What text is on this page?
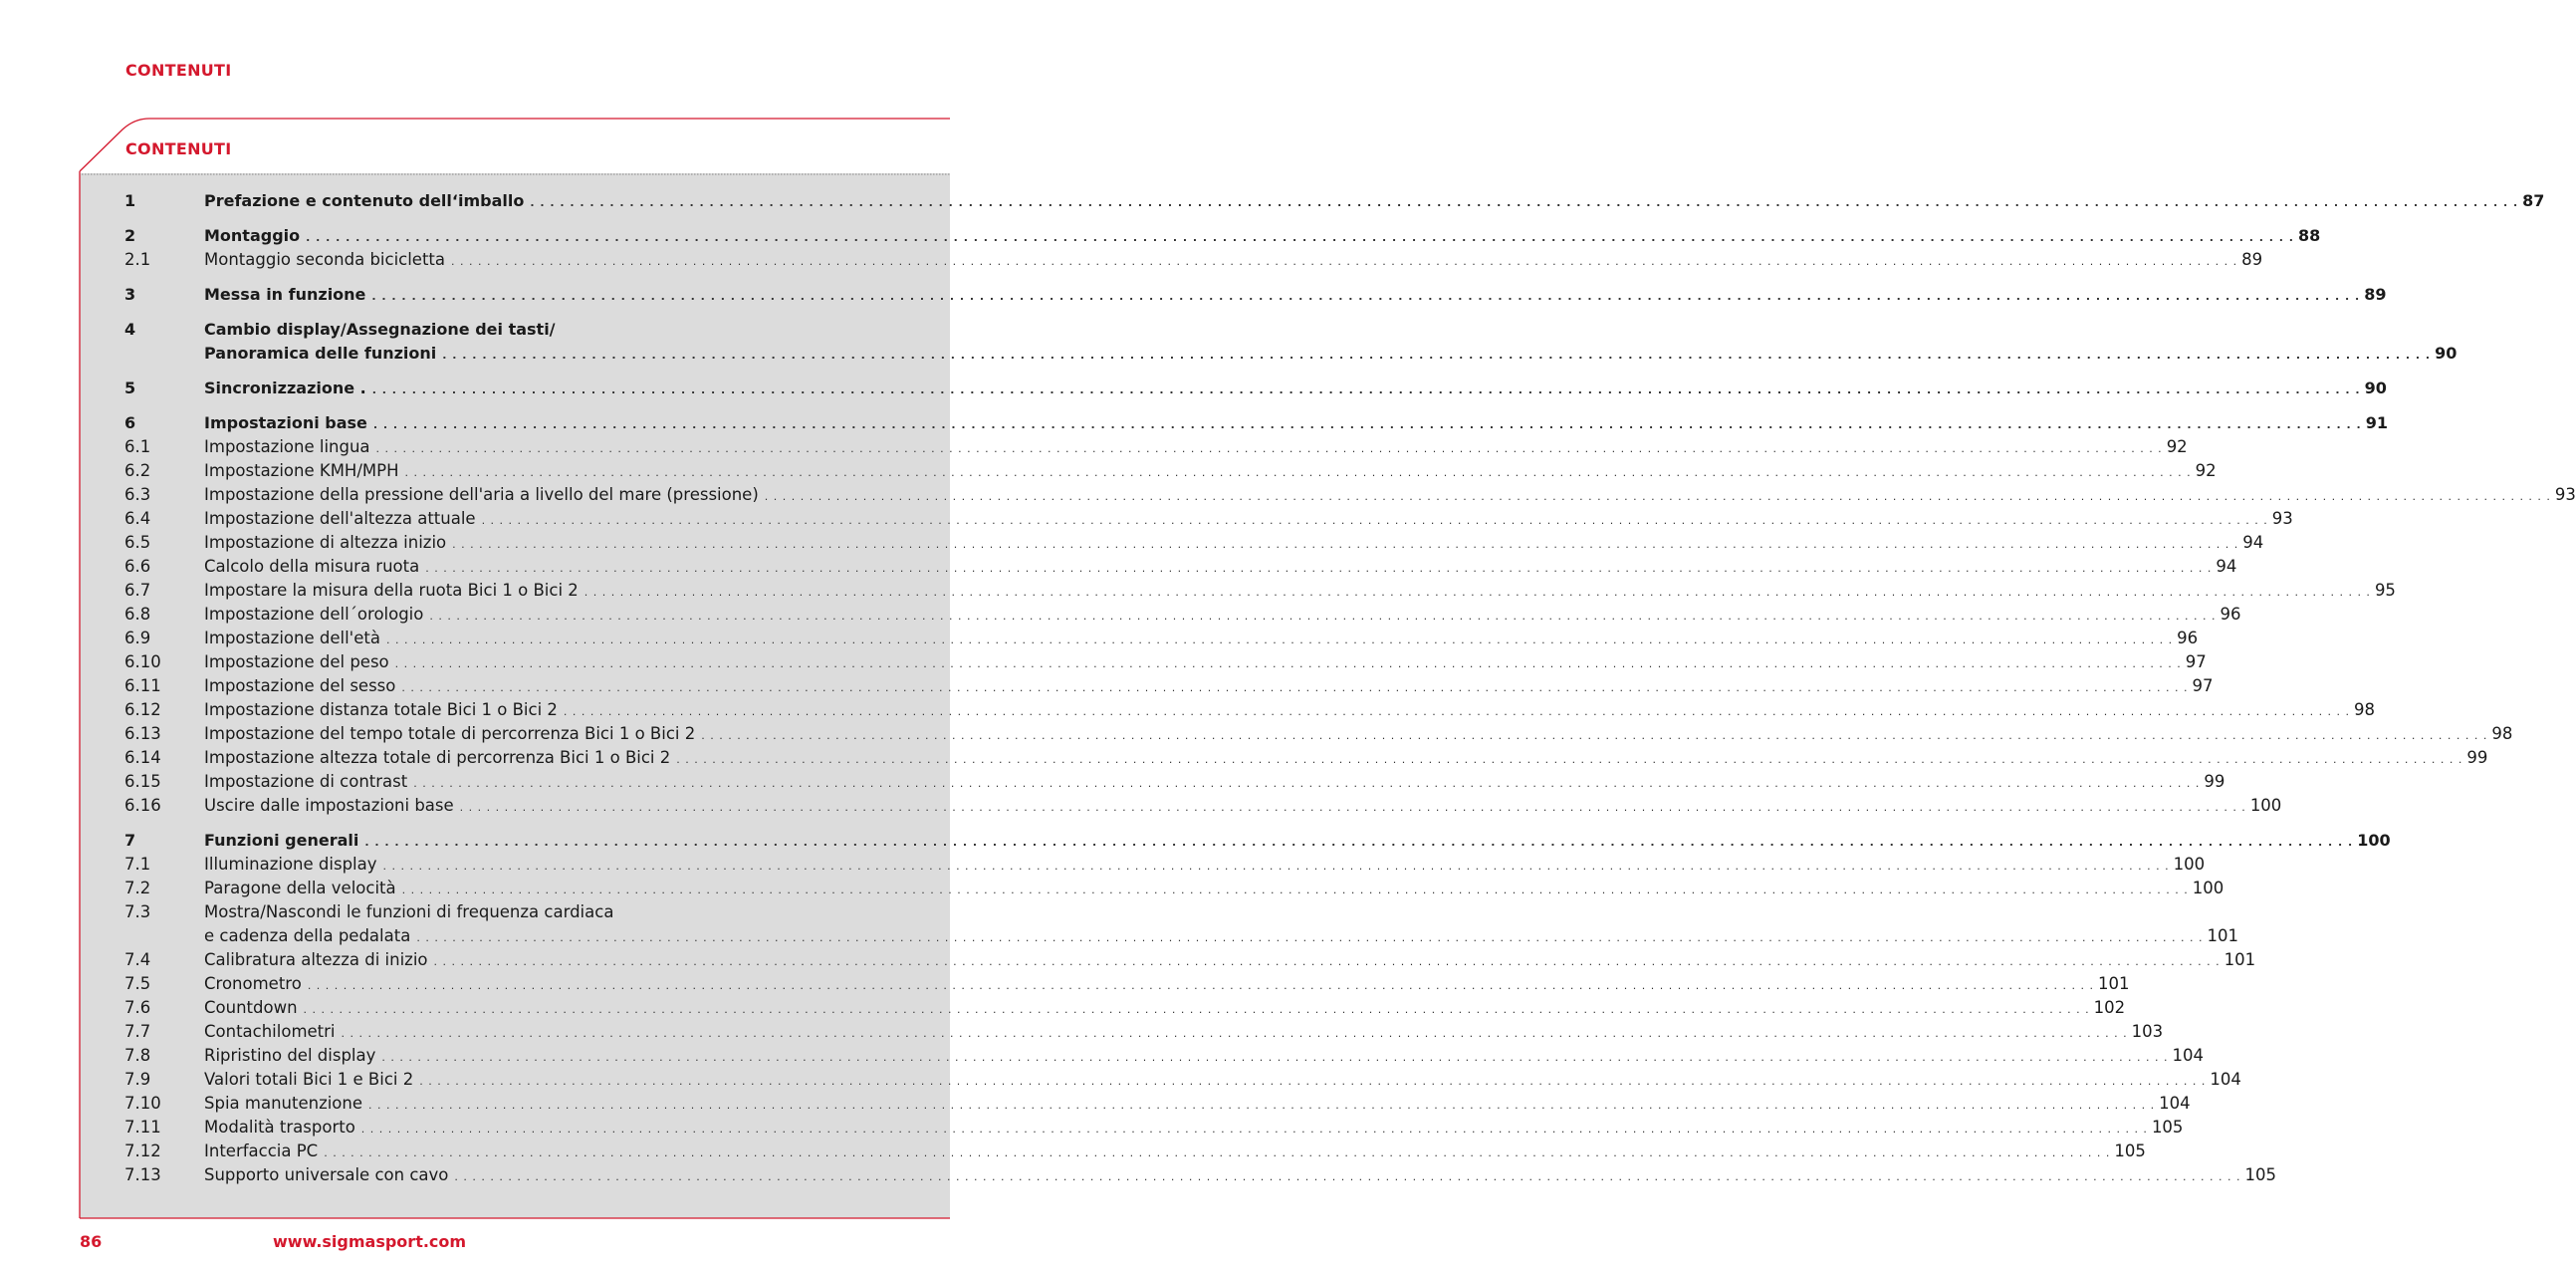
CONTENUTI
CONTENUTI
1	Prefazione e contenuto dell‘imballo . . . . . . . . . . . . . . . . . . . . . . . . . . . . . . . . . . . . . . . . . . . . . . . . . . . . . . . . . . . . . . . . . . . . . . . . . . . . . . . . . . . . . . . . . . . . . . . . . . . . . . . . . . . . . . . . . . . . . . . . . . . . . . . . . . . . . . . . . . . . . . . . . . . . . . . . . . . . . . . . . . . . . . . . . . . . . . . . . . . . . . . . . . . . . . . . . . . . . . . . 87
2	Montaggio . . . . . . . . . . . . . . . . . . . . . . . . . . . . . . . . . . . . . . . . . . . . . . . . . . . . . . . . . . . . . . . . . . . . . . . . . . . . . . . . . . . . . . . . . . . . . . . . . . . . . . . . . . . . . . . . . . . . . . . . . . . . . . . . . . . . . . . . . . . . . . . . . . . . . . . . . . . . . . . . . . . . . . . . . . . . . . . . . . . . . . . . . . . . . . . . . . . . . . . . 88
2.1	Montaggio seconda bicicletta . . . . . . . . . . . . . . . . . . . . . . . . . . . . . . . . . . . . . . . . . . . . . . . . . . . . . . . . . . . . . . . . . . . . . . . . . . . . . . . . . . . . . . . . . . . . . . . . . . . . . . . . . . . . . . . . . . . . . . . . . . . . . . . . . . . . . . . . . . . . . . . . . . . . . . . . . . . . . . . . . . . . . . . . . . . . . . . . . . . . . . . . . . . . . . . . . . . . . . . . 89
3	Messa in funzione . . . . . . . . . . . . . . . . . . . . . . . . . . . . . . . . . . . . . . . . . . . . . . . . . . . . . . . . . . . . . . . . . . . . . . . . . . . . . . . . . . . . . . . . . . . . . . . . . . . . . . . . . . . . . . . . . . . . . . . . . . . . . . . . . . . . . . . . . . . . . . . . . . . . . . . . . . . . . . . . . . . . . . . . . . . . . . . . . . . . . . . . . . . . . . . . . . . . . . . . 89
4	Cambio display/Assegnazione dei tasti/
Panoramica delle funzioni . . . . . . . . . . . . . . . . . . . . . . . . . . . . . . . . . . . . . . . . . . . . . . . . . . . . . . . . . . . . . . . . . . . . . . . . . . . . . . . . . . . . . . . . . . . . . . . . . . . . . . . . . . . . . . . . . . . . . . . . . . . . . . . . . . . . . . . . . . . . . . . . . . . . . . . . . . . . . . . . . . . . . . . . . . . . . . . . . . . . . . . . . . . . . . . . . . . . . . . . 90
5	Sincronizzazione . . . . . . . . . . . . . . . . . . . . . . . . . . . . . . . . . . . . . . . . . . . . . . . . . . . . . . . . . . . . . . . . . . . . . . . . . . . . . . . . . . . . . . . . . . . . . . . . . . . . . . . . . . . . . . . . . . . . . . . . . . . . . . . . . . . . . . . . . . . . . . . . . . . . . . . . . . . . . . . . . . . . . . . . . . . . . . . . . . . . . . . . . . . . . . . . . . . . . . . . . 90
6	Impostazioni base . . . . . . . . . . . . . . . . . . . . . . . . . . . . . . . . . . . . . . . . . . . . . . . . . . . . . . . . . . . . . . . . . . . . . . . . . . . . . . . . . . . . . . . . . . . . . . . . . . . . . . . . . . . . . . . . . . . . . . . . . . . . . . . . . . . . . . . . . . . . . . . . . . . . . . . . . . . . . . . . . . . . . . . . . . . . . . . . . . . . . . . . . . . . . . . . . . . . . . . . 91
6.1	Impostazione lingua . . . . . . . . . . . . . . . . . . . . . . . . . . . . . . . . . . . . . . . . . . . . . . . . . . . . . . . . . . . . . . . . . . . . . . . . . . . . . . . . . . . . . . . . . . . . . . . . . . . . . . . . . . . . . . . . . . . . . . . . . . . . . . . . . . . . . . . . . . . . . . . . . . . . . . . . . . . . . . . . . . . . . . . . . . . . . . . . . . . . . . . . . . . . . . . . . . . . . . . . 92
6.2	Impostazione KMH/MPH . . . . . . . . . . . . . . . . . . . . . . . . . . . . . . . . . . . . . . . . . . . . . . . . . . . . . . . . . . . . . . . . . . . . . . . . . . . . . . . . . . . . . . . . . . . . . . . . . . . . . . . . . . . . . . . . . . . . . . . . . . . . . . . . . . . . . . . . . . . . . . . . . . . . . . . . . . . . . . . . . . . . . . . . . . . . . . . . . . . . . . . . . . . . . . . . . . . . . . . . 92
6.3	Impostazione della pressione dell'aria a livello del mare (pressione) . . . . . . . . . . . . . . . . . . . . . . . . . . . . . . . . . . . . . . . . . . . . . . . . . . . . . . . . . . . . . . . . . . . . . . . . . . . . . . . . . . . . . . . . . . . . . . . . . . . . . . . . . . . . . . . . . . . . . . . . . . . . . . . . . . . . . . . . . . . . . . . . . . . . . . . . . . . . . . . . . . . . . . . . . . . . . . . . . . . . . . . . . . . . . . . . . . . . . . . . 93
6.4	Impostazione dell'altezza attuale . . . . . . . . . . . . . . . . . . . . . . . . . . . . . . . . . . . . . . . . . . . . . . . . . . . . . . . . . . . . . . . . . . . . . . . . . . . . . . . . . . . . . . . . . . . . . . . . . . . . . . . . . . . . . . . . . . . . . . . . . . . . . . . . . . . . . . . . . . . . . . . . . . . . . . . . . . . . . . . . . . . . . . . . . . . . . . . . . . . . . . . . . . . . . . . . . . . . . . . . 93
6.5	Impostazione di altezza inizio . . . . . . . . . . . . . . . . . . . . . . . . . . . . . . . . . . . . . . . . . . . . . . . . . . . . . . . . . . . . . . . . . . . . . . . . . . . . . . . . . . . . . . . . . . . . . . . . . . . . . . . . . . . . . . . . . . . . . . . . . . . . . . . . . . . . . . . . . . . . . . . . . . . . . . . . . . . . . . . . . . . . . . . . . . . . . . . . . . . . . . . . . . . . . . . . . . . . . . . . 94
6.6	Calcolo della misura ruota . . . . . . . . . . . . . . . . . . . . . . . . . . . . . . . . . . . . . . . . . . . . . . . . . . . . . . . . . . . . . . . . . . . . . . . . . . . . . . . . . . . . . . . . . . . . . . . . . . . . . . . . . . . . . . . . . . . . . . . . . . . . . . . . . . . . . . . . . . . . . . . . . . . . . . . . . . . . . . . . . . . . . . . . . . . . . . . . . . . . . . . . . . . . . . . . . . . . . . . . 94
6.7	Impostare la misura della ruota Bici 1 o Bici 2 . . . . . . . . . . . . . . . . . . . . . . . . . . . . . . . . . . . . . . . . . . . . . . . . . . . . . . . . . . . . . . . . . . . . . . . . . . . . . . . . . . . . . . . . . . . . . . . . . . . . . . . . . . . . . . . . . . . . . . . . . . . . . . . . . . . . . . . . . . . . . . . . . . . . . . . . . . . . . . . . . . . . . . . . . . . . . . . . . . . . . . . . . . . . . . . . . . . . . . . . 95
6.8	Impostazione dell´orologio . . . . . . . . . . . . . . . . . . . . . . . . . . . . . . . . . . . . . . . . . . . . . . . . . . . . . . . . . . . . . . . . . . . . . . . . . . . . . . . . . . . . . . . . . . . . . . . . . . . . . . . . . . . . . . . . . . . . . . . . . . . . . . . . . . . . . . . . . . . . . . . . . . . . . . . . . . . . . . . . . . . . . . . . . . . . . . . . . . . . . . . . . . . . . . . . . . . . . . . . 96
6.9	Impostazione dell'età . . . . . . . . . . . . . . . . . . . . . . . . . . . . . . . . . . . . . . . . . . . . . . . . . . . . . . . . . . . . . . . . . . . . . . . . . . . . . . . . . . . . . . . . . . . . . . . . . . . . . . . . . . . . . . . . . . . . . . . . . . . . . . . . . . . . . . . . . . . . . . . . . . . . . . . . . . . . . . . . . . . . . . . . . . . . . . . . . . . . . . . . . . . . . . . . . . . . . . . . 96
6.10	Impostazione del peso . . . . . . . . . . . . . . . . . . . . . . . . . . . . . . . . . . . . . . . . . . . . . . . . . . . . . . . . . . . . . . . . . . . . . . . . . . . . . . . . . . . . . . . . . . . . . . . . . . . . . . . . . . . . . . . . . . . . . . . . . . . . . . . . . . . . . . . . . . . . . . . . . . . . . . . . . . . . . . . . . . . . . . . . . . . . . . . . . . . . . . . . . . . . . . . . . . . . . . . . 97
6.11	Impostazione del sesso . . . . . . . . . . . . . . . . . . . . . . . . . . . . . . . . . . . . . . . . . . . . . . . . . . . . . . . . . . . . . . . . . . . . . . . . . . . . . . . . . . . . . . . . . . . . . . . . . . . . . . . . . . . . . . . . . . . . . . . . . . . . . . . . . . . . . . . . . . . . . . . . . . . . . . . . . . . . . . . . . . . . . . . . . . . . . . . . . . . . . . . . . . . . . . . . . . . . . . . . 97
6.12	Impostazione distanza totale Bici 1 o Bici 2 . . . . . . . . . . . . . . . . . . . . . . . . . . . . . . . . . . . . . . . . . . . . . . . . . . . . . . . . . . . . . . . . . . . . . . . . . . . . . . . . . . . . . . . . . . . . . . . . . . . . . . . . . . . . . . . . . . . . . . . . . . . . . . . . . . . . . . . . . . . . . . . . . . . . . . . . . . . . . . . . . . . . . . . . . . . . . . . . . . . . . . . . . . . . . . . . . . . . . . . . 98
6.13	Impostazione del tempo totale di percorrenza Bici 1 o Bici 2 . . . . . . . . . . . . . . . . . . . . . . . . . . . . . . . . . . . . . . . . . . . . . . . . . . . . . . . . . . . . . . . . . . . . . . . . . . . . . . . . . . . . . . . . . . . . . . . . . . . . . . . . . . . . . . . . . . . . . . . . . . . . . . . . . . . . . . . . . . . . . . . . . . . . . . . . . . . . . . . . . . . . . . . . . . . . . . . . . . . . . . . . . . . . . . . . . . . . . . . . 98
6.14	Impostazione altezza totale di percorrenza Bici 1 o Bici 2 . . . . . . . . . . . . . . . . . . . . . . . . . . . . . . . . . . . . . . . . . . . . . . . . . . . . . . . . . . . . . . . . . . . . . . . . . . . . . . . . . . . . . . . . . . . . . . . . . . . . . . . . . . . . . . . . . . . . . . . . . . . . . . . . . . . . . . . . . . . . . . . . . . . . . . . . . . . . . . . . . . . . . . . . . . . . . . . . . . . . . . . . . . . . . . . . . . . . . . . . 99
6.15	Impostazione di contrast . . . . . . . . . . . . . . . . . . . . . . . . . . . . . . . . . . . . . . . . . . . . . . . . . . . . . . . . . . . . . . . . . . . . . . . . . . . . . . . . . . . . . . . . . . . . . . . . . . . . . . . . . . . . . . . . . . . . . . . . . . . . . . . . . . . . . . . . . . . . . . . . . . . . . . . . . . . . . . . . . . . . . . . . . . . . . . . . . . . . . . . . . . . . . . . . . . . . . . . . 99
6.16	Uscire dalle impostazioni base . . . . . . . . . . . . . . . . . . . . . . . . . . . . . . . . . . . . . . . . . . . . . . . . . . . . . . . . . . . . . . . . . . . . . . . . . . . . . . . . . . . . . . . . . . . . . . . . . . . . . . . . . . . . . . . . . . . . . . . . . . . . . . . . . . . . . . . . . . . . . . . . . . . . . . . . . . . . . . . . . . . . . . . . . . . . . . . . . . . . . . . . . . . . . . . . . . . . . . . . 100
7	Funzioni generali . . . . . . . . . . . . . . . . . . . . . . . . . . . . . . . . . . . . . . . . . . . . . . . . . . . . . . . . . . . . . . . . . . . . . . . . . . . . . . . . . . . . . . . . . . . . . . . . . . . . . . . . . . . . . . . . . . . . . . . . . . . . . . . . . . . . . . . . . . . . . . . . . . . . . . . . . . . . . . . . . . . . . . . . . . . . . . . . . . . . . . . . . . . . . . . . . . . . . . . . 100
7.1	Illuminazione display . . . . . . . . . . . . . . . . . . . . . . . . . . . . . . . . . . . . . . . . . . . . . . . . . . . . . . . . . . . . . . . . . . . . . . . . . . . . . . . . . . . . . . . . . . . . . . . . . . . . . . . . . . . . . . . . . . . . . . . . . . . . . . . . . . . . . . . . . . . . . . . . . . . . . . . . . . . . . . . . . . . . . . . . . . . . . . . . . . . . . . . . . . . . . . . . . . . . . . . . 100
7.2	Paragone della velocità . . . . . . . . . . . . . . . . . . . . . . . . . . . . . . . . . . . . . . . . . . . . . . . . . . . . . . . . . . . . . . . . . . . . . . . . . . . . . . . . . . . . . . . . . . . . . . . . . . . . . . . . . . . . . . . . . . . . . . . . . . . . . . . . . . . . . . . . . . . . . . . . . . . . . . . . . . . . . . . . . . . . . . . . . . . . . . . . . . . . . . . . . . . . . . . . . . . . . . . . 100
7.3	Mostra/Nascondi le funzioni di frequenza cardiaca
e cadenza della pedalata . . . . . . . . . . . . . . . . . . . . . . . . . . . . . . . . . . . . . . . . . . . . . . . . . . . . . . . . . . . . . . . . . . . . . . . . . . . . . . . . . . . . . . . . . . . . . . . . . . . . . . . . . . . . . . . . . . . . . . . . . . . . . . . . . . . . . . . . . . . . . . . . . . . . . . . . . . . . . . . . . . . . . . . . . . . . . . . . . . . . . . . . . . . . . . . . . . . . . . . . 101
7.4	Calibratura altezza di inizio . . . . . . . . . . . . . . . . . . . . . . . . . . . . . . . . . . . . . . . . . . . . . . . . . . . . . . . . . . . . . . . . . . . . . . . . . . . . . . . . . . . . . . . . . . . . . . . . . . . . . . . . . . . . . . . . . . . . . . . . . . . . . . . . . . . . . . . . . . . . . . . . . . . . . . . . . . . . . . . . . . . . . . . . . . . . . . . . . . . . . . . . . . . . . . . . . . . . . . . . 101
7.5	Cronometro . . . . . . . . . . . . . . . . . . . . . . . . . . . . . . . . . . . . . . . . . . . . . . . . . . . . . . . . . . . . . . . . . . . . . . . . . . . . . . . . . . . . . . . . . . . . . . . . . . . . . . . . . . . . . . . . . . . . . . . . . . . . . . . . . . . . . . . . . . . . . . . . . . . . . . . . . . . . . . . . . . . . . . . . . . . . . . . . . . . . . . . . . . . . . . . . . . . . . . . . 101
7.6	Countdown . . . . . . . . . . . . . . . . . . . . . . . . . . . . . . . . . . . . . . . . . . . . . . . . . . . . . . . . . . . . . . . . . . . . . . . . . . . . . . . . . . . . . . . . . . . . . . . . . . . . . . . . . . . . . . . . . . . . . . . . . . . . . . . . . . . . . . . . . . . . . . . . . . . . . . . . . . . . . . . . . . . . . . . . . . . . . . . . . . . . . . . . . . . . . . . . . . . . . . . . 102
7.7	Contachilometri . . . . . . . . . . . . . . . . . . . . . . . . . . . . . . . . . . . . . . . . . . . . . . . . . . . . . . . . . . . . . . . . . . . . . . . . . . . . . . . . . . . . . . . . . . . . . . . . . . . . . . . . . . . . . . . . . . . . . . . . . . . . . . . . . . . . . . . . . . . . . . . . . . . . . . . . . . . . . . . . . . . . . . . . . . . . . . . . . . . . . . . . . . . . . . . . . . . . . . . . 103
7.8	Ripristino del display . . . . . . . . . . . . . . . . . . . . . . . . . . . . . . . . . . . . . . . . . . . . . . . . . . . . . . . . . . . . . . . . . . . . . . . . . . . . . . . . . . . . . . . . . . . . . . . . . . . . . . . . . . . . . . . . . . . . . . . . . . . . . . . . . . . . . . . . . . . . . . . . . . . . . . . . . . . . . . . . . . . . . . . . . . . . . . . . . . . . . . . . . . . . . . . . . . . . . . . . 104
7.9	Valori totali Bici 1 e Bici 2 . . . . . . . . . . . . . . . . . . . . . . . . . . . . . . . . . . . . . . . . . . . . . . . . . . . . . . . . . . . . . . . . . . . . . . . . . . . . . . . . . . . . . . . . . . . . . . . . . . . . . . . . . . . . . . . . . . . . . . . . . . . . . . . . . . . . . . . . . . . . . . . . . . . . . . . . . . . . . . . . . . . . . . . . . . . . . . . . . . . . . . . . . . . . . . . . . . . . . . . . 104
7.10	Spia manutenzione . . . . . . . . . . . . . . . . . . . . . . . . . . . . . . . . . . . . . . . . . . . . . . . . . . . . . . . . . . . . . . . . . . . . . . . . . . . . . . . . . . . . . . . . . . . . . . . . . . . . . . . . . . . . . . . . . . . . . . . . . . . . . . . . . . . . . . . . . . . . . . . . . . . . . . . . . . . . . . . . . . . . . . . . . . . . . . . . . . . . . . . . . . . . . . . . . . . . . . . . 104
7.11	Modalità trasporto . . . . . . . . . . . . . . . . . . . . . . . . . . . . . . . . . . . . . . . . . . . . . . . . . . . . . . . . . . . . . . . . . . . . . . . . . . . . . . . . . . . . . . . . . . . . . . . . . . . . . . . . . . . . . . . . . . . . . . . . . . . . . . . . . . . . . . . . . . . . . . . . . . . . . . . . . . . . . . . . . . . . . . . . . . . . . . . . . . . . . . . . . . . . . . . . . . . . . . . . 105
7.12	Interfaccia PC . . . . . . . . . . . . . . . . . . . . . . . . . . . . . . . . . . . . . . . . . . . . . . . . . . . . . . . . . . . . . . . . . . . . . . . . . . . . . . . . . . . . . . . . . . . . . . . . . . . . . . . . . . . . . . . . . . . . . . . . . . . . . . . . . . . . . . . . . . . . . . . . . . . . . . . . . . . . . . . . . . . . . . . . . . . . . . . . . . . . . . . . . . . . . . . . . . . . . . . . 105
7.13	Supporto universale con cavo . . . . . . . . . . . . . . . . . . . . . . . . . . . . . . . . . . . . . . . . . . . . . . . . . . . . . . . . . . . . . . . . . . . . . . . . . . . . . . . . . . . . . . . . . . . . . . . . . . . . . . . . . . . . . . . . . . . . . . . . . . . . . . . . . . . . . . . . . . . . . . . . . . . . . . . . . . . . . . . . . . . . . . . . . . . . . . . . . . . . . . . . . . . . . . . . . . . . . . . . 105
86	www.sigmasport.com
